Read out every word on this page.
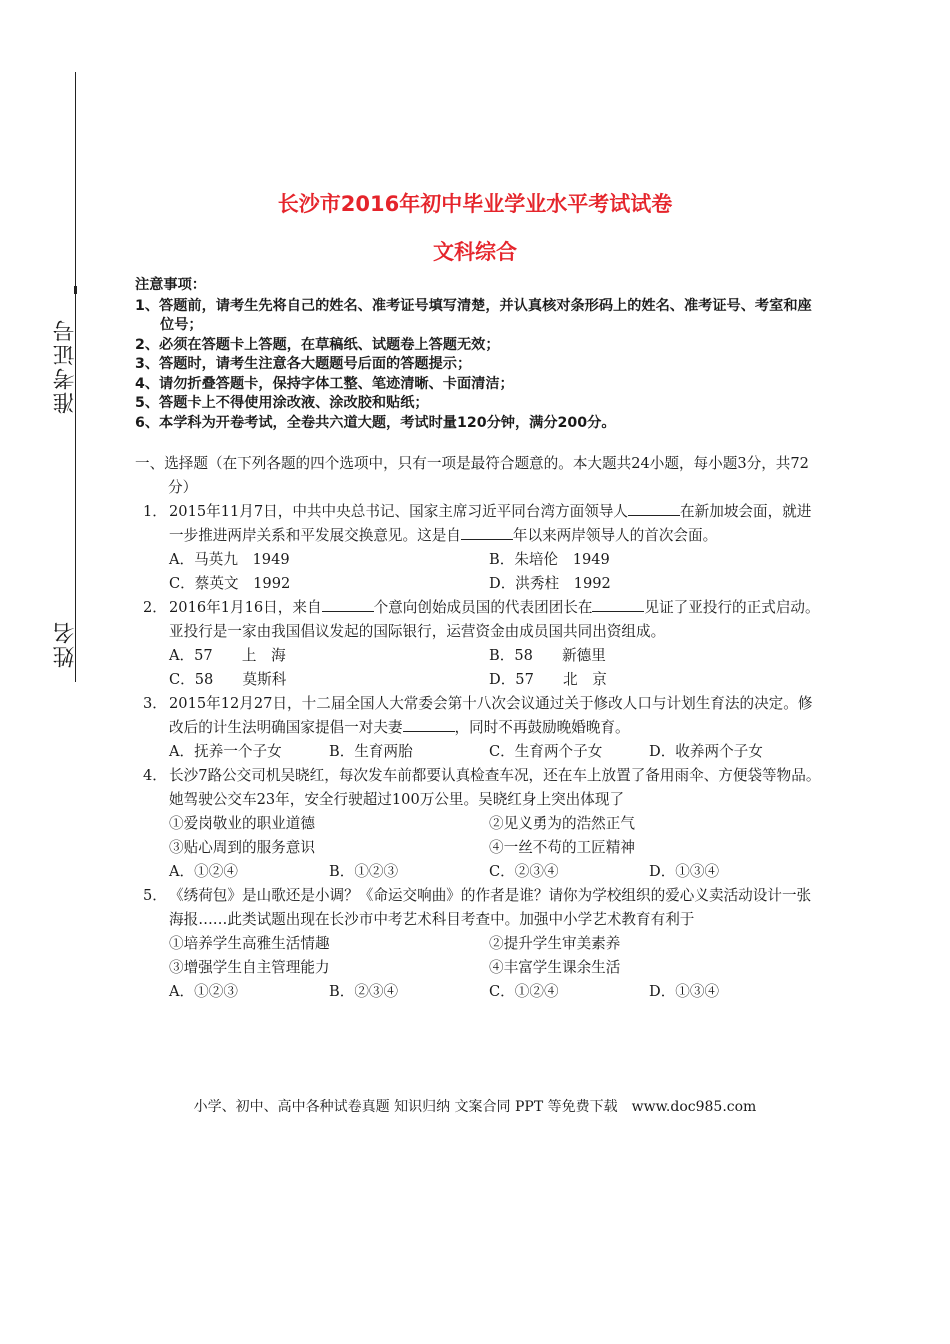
准考证号
姓名
长沙市2016年初中毕业学业水平考试试卷
文科综合
注意事项：
1、答题前，请考生先将自己的姓名、准考证号填写清楚，并认真核对条形码上的姓名、准考证号、考室和座位号；
2、必须在答题卡上答题，在草稿纸、试题卷上答题无效；
3、答题时，请考生注意各大题题号后面的答题提示；
4、请勿折叠答题卡，保持字体工整、笔迹清晰、卡面清洁；
5、答题卡上不得使用涂改液、涂改胶和贴纸；
6、本学科为开卷考试，全卷共六道大题，考试时量120分钟，满分200分。
一、选择题（在下列各题的四个选项中，只有一项是最符合题意的。本大题共24小题，每小题3分，共72分）
1． 2015年11月7日，中共中央总书记、国家主席习近平同台湾方面领导人	在新加坡会面，就进一步推进两岸关系和平发展交换意见。这是自	年以来两岸领导人的首次会面。
A．马英九　1949	B．朱培伦　1949
C．蔡英文　1992	D．洪秀柱　1992
2． 2016年1月16日，来自	个意向创始成员国的代表团团长在	见证了亚投行的正式启动。亚投行是一家由我国倡议发起的国际银行，运营资金由成员国共同出资组成。
A．57　　上　海	B．58　　新德里
C．58　　莫斯科	D．57　　北　京
3． 2015年12月27日，十二届全国人大常委会第十八次会议通过关于修改人口与计划生育法的决定。修改后的计生法明确国家提倡一对夫妻	，同时不再鼓励晚婚晚育。
A．抚养一个子女	B．生育两胎	C．生育两个子女	D．收养两个子女
4． 长沙7路公交司机吴晓红，每次发车前都要认真检查车况，还在车上放置了备用雨伞、方便袋等物品。她驾驶公交车23年，安全行驶超过100万公里。吴晓红身上突出体现了
①爱岗敬业的职业道德	②见义勇为的浩然正气
③贴心周到的服务意识	④一丝不苟的工匠精神
A．①②④	B．①②③	C．②③④	D．①③④
5． 《绣荷包》是山歌还是小调？《命运交响曲》的作者是谁？请你为学校组织的爱心义卖活动设计一张海报……此类试题出现在长沙市中考艺术科目考查中。加强中小学艺术教育有利于
①培养学生高雅生活情趣	②提升学生审美素养
③增强学生自主管理能力	④丰富学生课余生活
A．①②③	B．②③④	C．①②④	D．①③④
小学、初中、高中各种试卷真题 知识归纳 文案合同 PPT 等免费下载　www.doc985.com
